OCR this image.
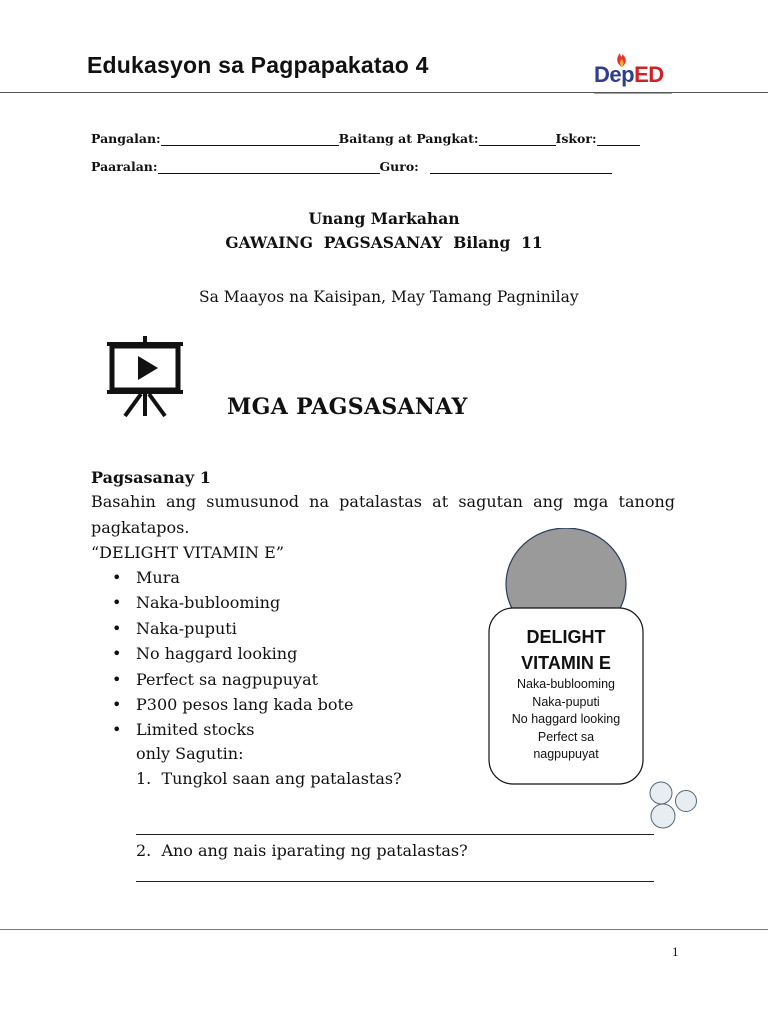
Edukasyon sa Pagpapakatao 4	DepED
Pangalan:	Baitang at Pangkat:	Iskor:
Paaralan:	Guro:
Unang Markahan
GAWAING  PAGSASANAY  Bilang  11
Sa Maayos na Kaisipan, May Tamang Pagninilay
MGA PAGSASANAY
Pagsasanay 1
Basahin ang sumusunod na patalastas at sagutan ang mga tanong pagkatapos.
“DELIGHT VITAMIN E”
• Mura
• Naka-bublooming
• Naka-puputi
• No haggard looking
• Perfect sa nagpupuyat
• P300 pesos lang kada bote
• Limited stocks
only Sagutin:
1. Tungkol saan ang patalastas?
2. Ano ang nais iparating ng patalastas?
DELIGHT
VITAMIN E
Naka-bublooming
Naka-puputi
No haggard looking
Perfect sa
nagpupuyat
1
